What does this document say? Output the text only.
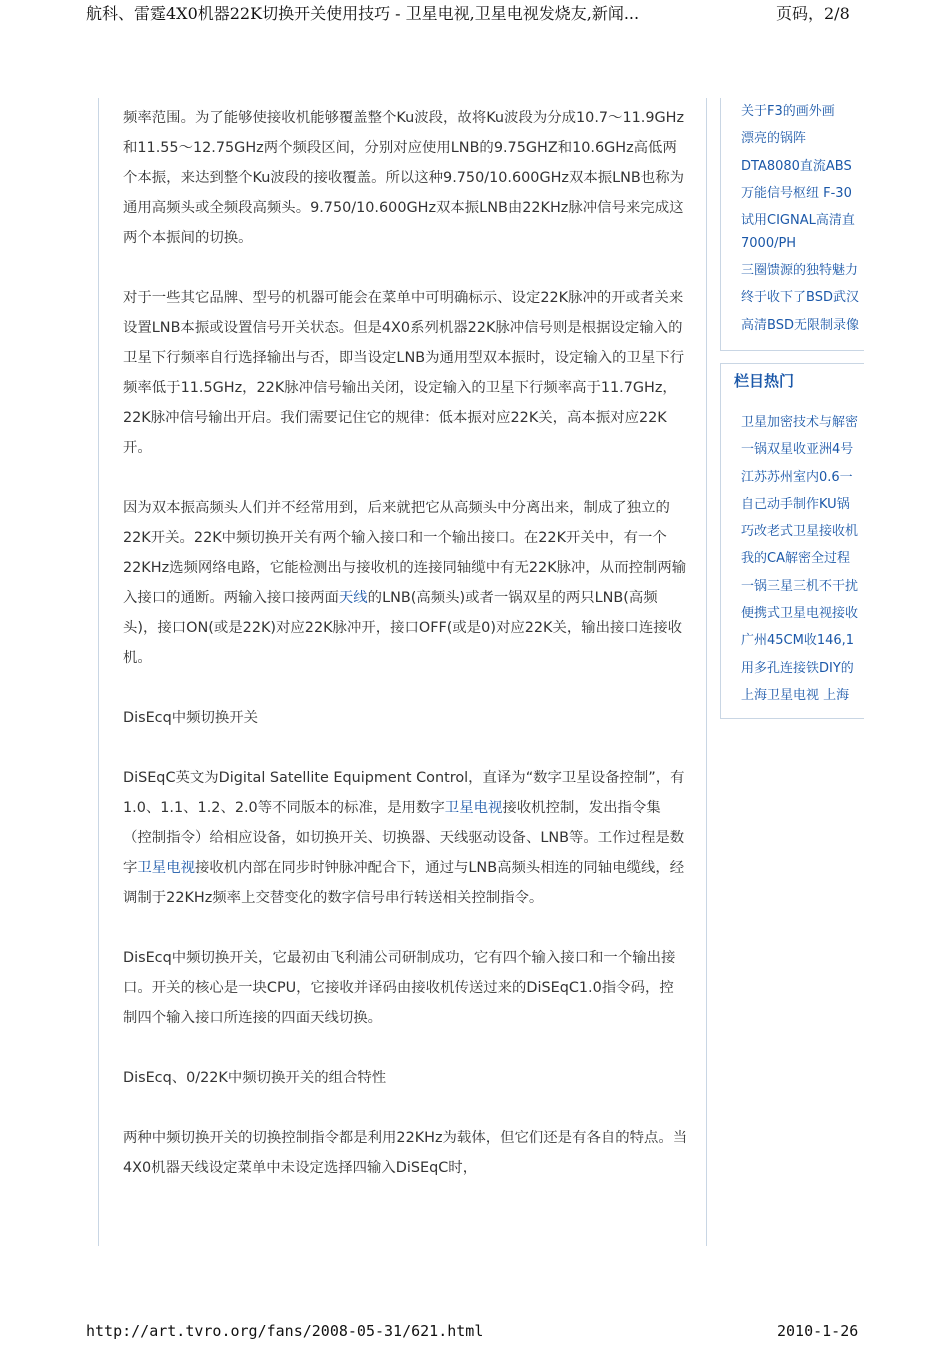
航科、雷霆4X0机器22K切换开关使用技巧 - 卫星电视,卫星电视发烧友,新闻...	页码，2/8

频率范围。为了能够使接收机能够覆盖整个Ku波段，故将Ku波段为分成10.7～11.9GHz和11.55～12.75GHz两个频段区间，分别对应使用LNB的9.75GHZ和10.6GHz高低两个本振，来达到整个Ku波段的接收覆盖。所以这种9.750/10.600GHz双本振LNB也称为通用高频头或全频段高频头。9.750/10.600GHz双本振LNB由22KHz脉冲信号来完成这两个本振间的切换。

对于一些其它品牌、型号的机器可能会在菜单中可明确标示、设定22K脉冲的开或者关来设置LNB本振或设置信号开关状态。但是4X0系列机器22K脉冲信号则是根据设定输入的卫星下行频率自行选择输出与否，即当设定LNB为通用型双本振时，设定输入的卫星下行频率低于11.5GHz，22K脉冲信号输出关闭，设定输入的卫星下行频率高于11.7GHz，22K脉冲信号输出开启。我们需要记住它的规律：低本振对应22K关，高本振对应22K开。

因为双本振高频头人们并不经常用到，后来就把它从高频头中分离出来，制成了独立的22K开关。22K中频切换开关有两个输入接口和一个输出接口。在22K开关中，有一个22KHz选频网络电路，它能检测出与接收机的连接同轴缆中有无22K脉冲，从而控制两输入接口的通断。两输入接口接两面天线的LNB(高频头)或者一锅双星的两只LNB(高频头)，接口ON(或是22K)对应22K脉冲开，接口OFF(或是0)对应22K关，输出接口连接收机。

DisEcq中频切换开关

DiSEqC英文为Digital Satellite Equipment Control，直译为“数字卫星设备控制”，有1.0、1.1、1.2、2.0等不同版本的标准，是用数字卫星电视接收机控制，发出指令集（控制指令）给相应设备，如切换开关、切换器、天线驱动设备、LNB等。工作过程是数字卫星电视接收机内部在同步时钟脉冲配合下，通过与LNB高频头相连的同轴电缆线，经调制于22KHz频率上交替变化的数字信号串行转送相关控制指令。

DisEcq中频切换开关，它最初由飞利浦公司研制成功，它有四个输入接口和一个输出接口。开关的核心是一块CPU，它接收并译码由接收机传送过来的DiSEqC1.0指令码，控制四个输入接口所连接的四面天线切换。

DisEcq、0/22K中频切换开关的组合特性

两种中频切换开关的切换控制指令都是利用22KHz为载体，但它们还是有各自的特点。当4X0机器天线设定菜单中未设定选择四输入DiSEqC时，

关于F3的画外画
漂亮的锅阵
DTA8080直流ABS
万能信号枢纽 F-30
试用CIGNAL高清直 7000/PH
三圈馈源的独特魅力
终于收下了BSD武汉
高清BSD无限制录像
栏目热门
卫星加密技术与解密
一锅双星收亚洲4号
江苏苏州室内0.6一
自己动手制作KU锅
巧改老式卫星接收机
我的CA解密全过程
一锅三星三机不干扰
便携式卫星电视接收
广州45CM收146,1
用多孔连接铁DIY的
上海卫星电视 上海
http://art.tvro.org/fans/2008-05-31/621.html	2010-1-26
